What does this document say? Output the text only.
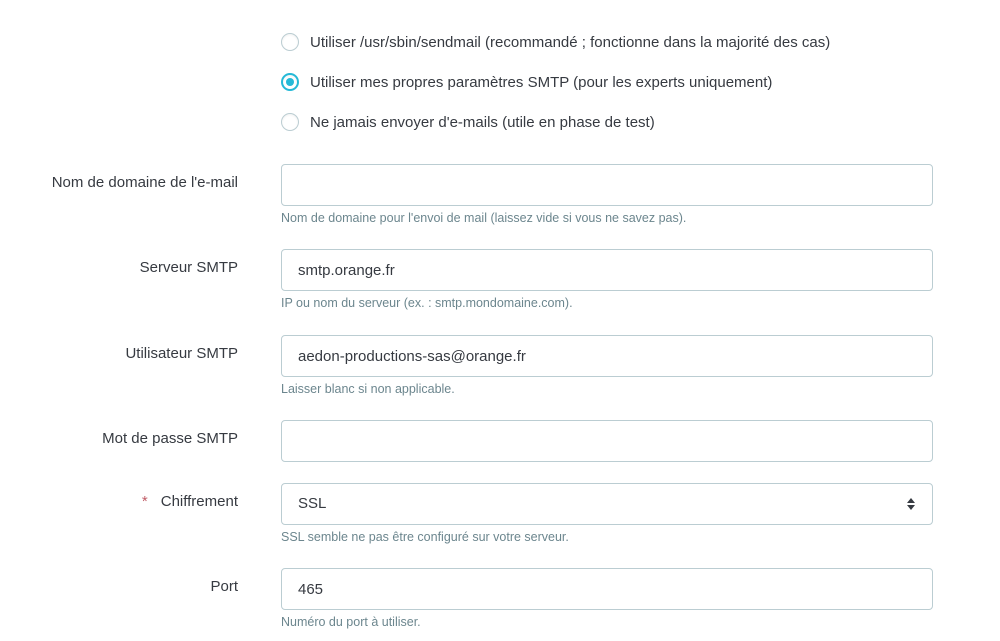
Utiliser /usr/sbin/sendmail (recommandé ; fonctionne dans la majorité des cas)
Utiliser mes propres paramètres SMTP (pour les experts uniquement)
Ne jamais envoyer d'e-mails (utile en phase de test)
Nom de domaine de l'e-mail
Nom de domaine pour l'envoi de mail (laissez vide si vous ne savez pas).
Serveur SMTP
smtp.orange.fr
IP ou nom du serveur (ex. : smtp.mondomaine.com).
Utilisateur SMTP
aedon-productions-sas@orange.fr
Laisser blanc si non applicable.
Mot de passe SMTP
* Chiffrement	SSL
SSL semble ne pas être configuré sur votre serveur.
Port
465
Numéro du port à utiliser.
